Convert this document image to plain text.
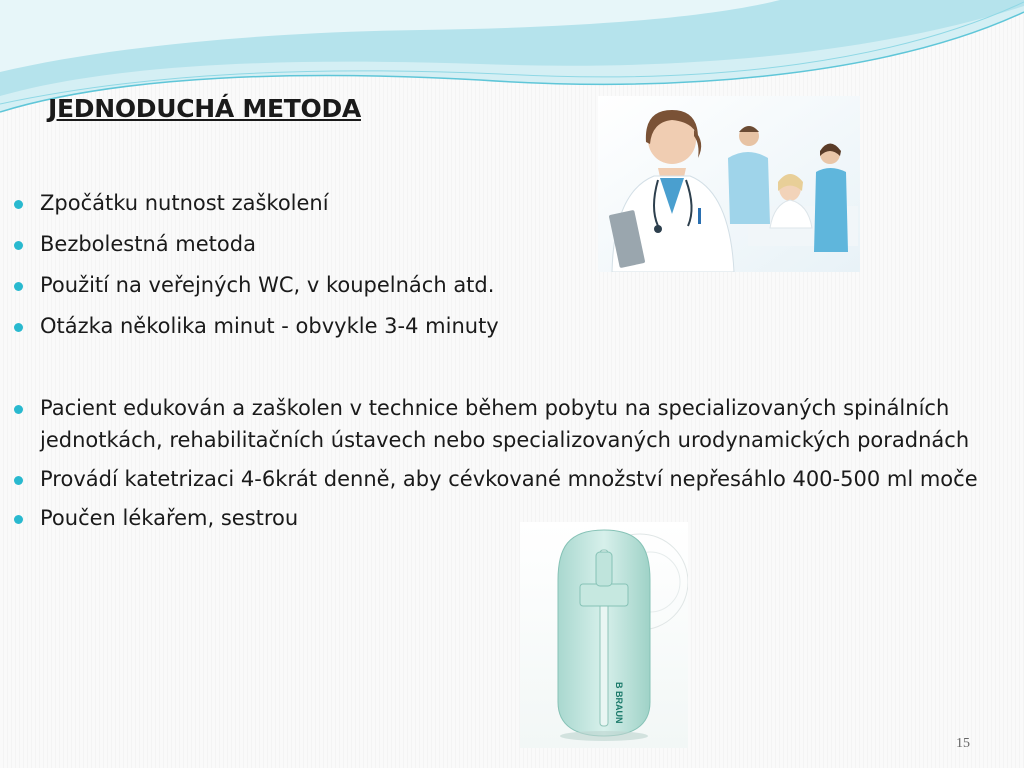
JEDNODUCHÁ METODA
Zpočátku nutnost zaškolení
Bezbolestná metoda
Použití na veřejných WC, v koupelnách atd.
Otázka několika minut - obvykle 3-4 minuty
Pacient edukován a zaškolen v technice během pobytu na specializovaných spinálních jednotkách, rehabilitačních ústavech nebo specializovaných urodynamických poradnách
Provádí katetrizaci 4-6krát denně, aby cévkované množství nepřesáhlo 400-500 ml moče
Poučen lékařem, sestrou
B BRAUN
15
